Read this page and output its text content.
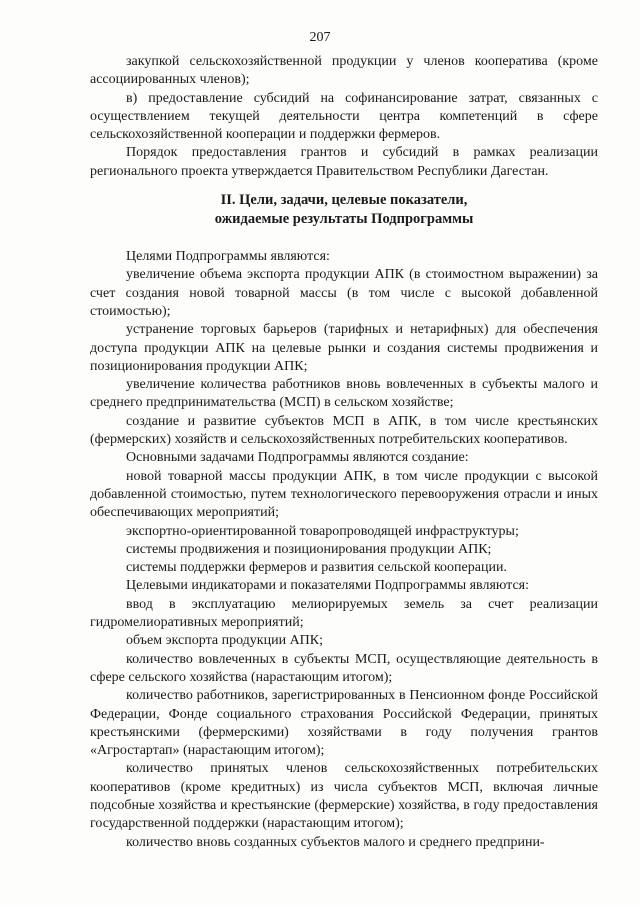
207

закупкой сельскохозяйственной продукции у членов кооператива (кроме ассоциированных членов);

в) предоставление субсидий на софинансирование затрат, связанных с осуществлением текущей деятельности центра компетенций в сфере сельскохозяйственной кооперации и поддержки фермеров.

Порядок предоставления грантов и субсидий в рамках реализации регионального проекта утверждается Правительством Республики Дагестан.

II. Цели, задачи, целевые показатели,
ожидаемые результаты Подпрограммы

Целями Подпрограммы являются:

увеличение объема экспорта продукции АПК (в стоимостном выражении) за счет создания новой товарной массы (в том числе с высокой добавленной стоимостью);

устранение торговых барьеров (тарифных и нетарифных) для обеспечения доступа продукции АПК на целевые рынки и создания системы продвижения и позиционирования продукции АПК;

увеличение количества работников вновь вовлеченных в субъекты малого и среднего предпринимательства (МСП) в сельском хозяйстве;

создание и развитие субъектов МСП в АПК, в том числе крестьянских (фермерских) хозяйств и сельскохозяйственных потребительских кооперативов.

Основными задачами Подпрограммы являются создание:

новой товарной массы продукции АПК, в том числе продукции с высокой добавленной стоимостью, путем технологического перевооружения отрасли и иных обеспечивающих мероприятий;

экспортно-ориентированной товаропроводящей инфраструктуры;

системы продвижения и позиционирования продукции АПК;

системы поддержки фермеров и развития сельской кооперации.

Целевыми индикаторами и показателями Подпрограммы являются:

ввод в эксплуатацию мелиорируемых земель за счет реализации гидромелиоративных мероприятий;

объем экспорта продукции АПК;

количество вовлеченных в субъекты МСП, осуществляющие деятельность в сфере сельского хозяйства (нарастающим итогом);

количество работников, зарегистрированных в Пенсионном фонде Российской Федерации, Фонде социального страхования Российской Федерации, принятых крестьянскими (фермерскими) хозяйствами в году получения грантов «Агростартап» (нарастающим итогом);

количество принятых членов сельскохозяйственных потребительских кооперативов (кроме кредитных) из числа субъектов МСП, включая личные подсобные хозяйства и крестьянские (фермерские) хозяйства, в году предоставления государственной поддержки (нарастающим итогом);

количество вновь созданных субъектов малого и среднего предприни-
